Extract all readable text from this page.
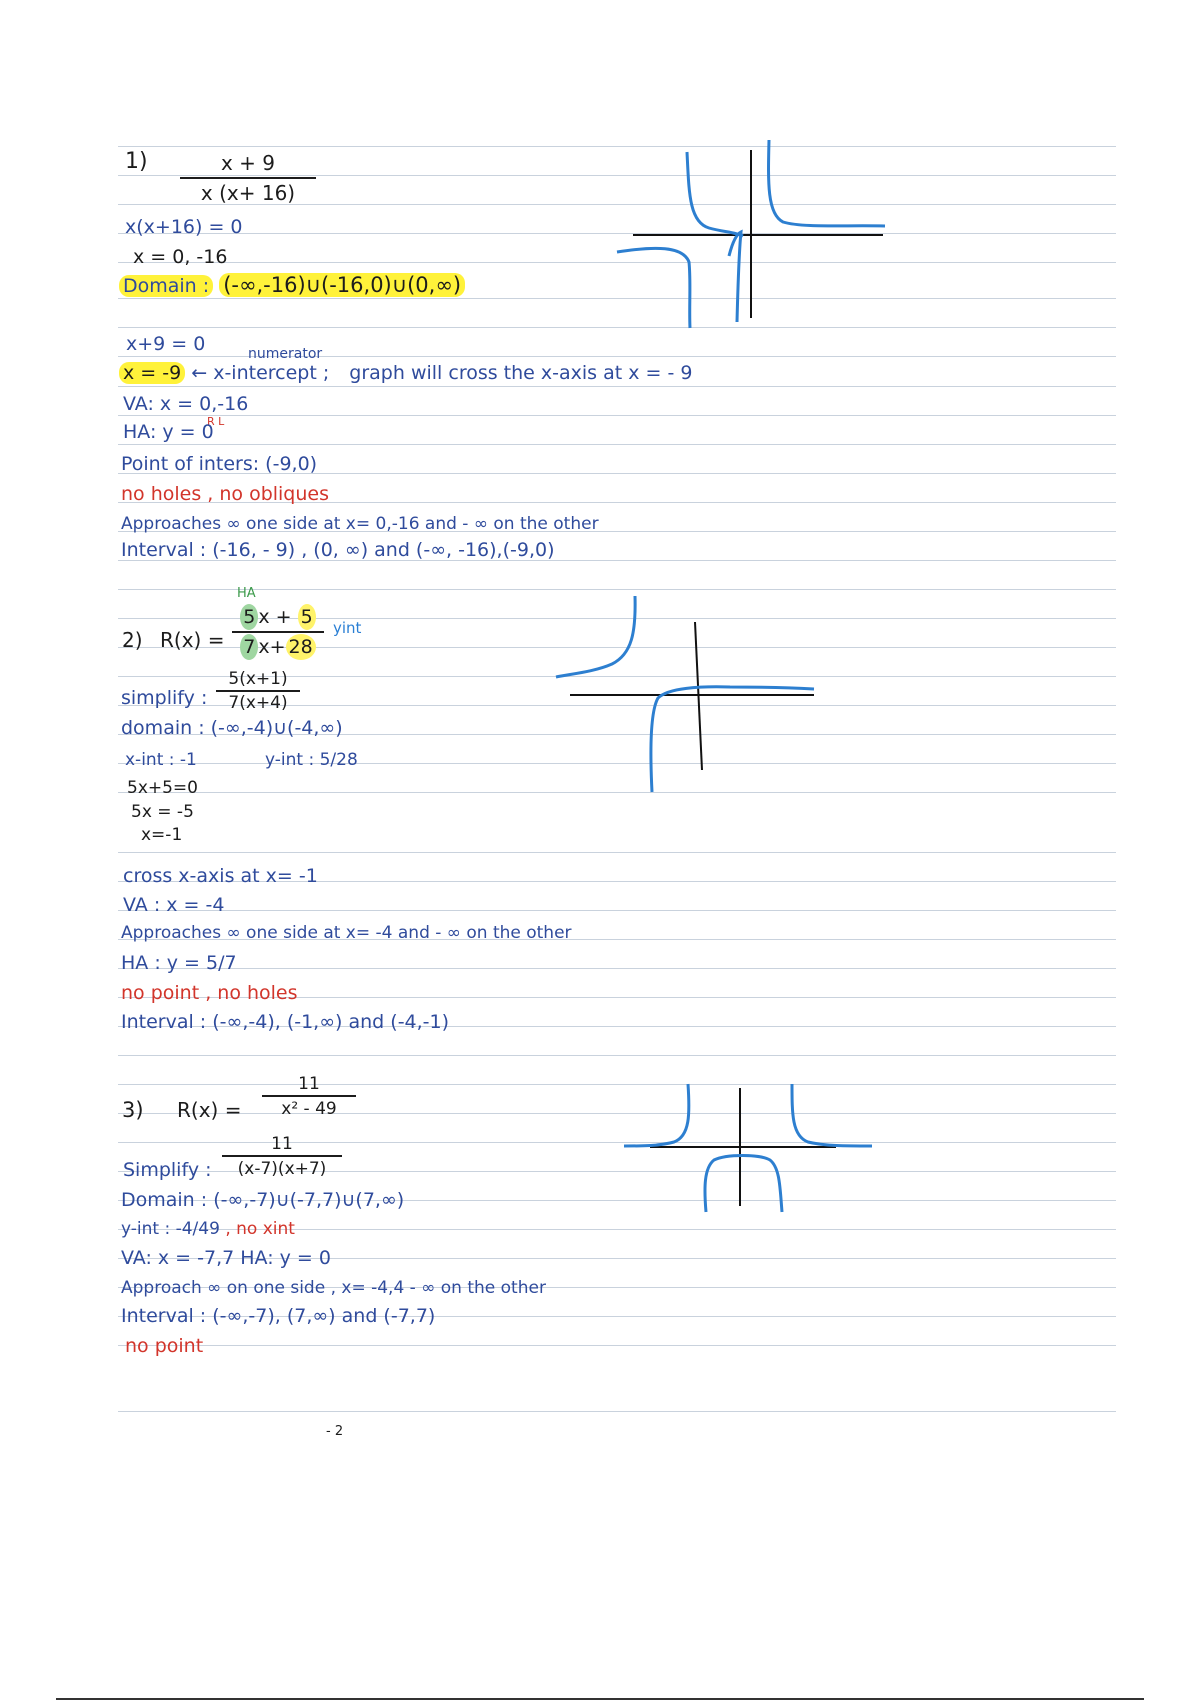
1)	x + 9
x (x+ 16)
x(x+16) = 0
x = 0, -16
Domain : (-∞,-16)∪(-16,0)∪(0,∞)
x+9 = 0	numerator
x = -9 ← x-intercept ; graph will cross the x-axis at x = - 9
VA: x = 0,-16
R L
HA: y = 0
Point of inters: (-9,0)
no holes , no obliques
Approaches ∞ one side at x= 0,-16 and - ∞ on the other
Interval : (-16, - 9) , (0, ∞) and (-∞, -16),(-9,0)
HA
2) R(x) =
5 x + 5
7 x+ 28
yint
simplify :
5(x+1)
7(x+4)
domain : (-∞,-4)∪(-4,∞)
x-int : -1	y-int : 5/28
5x+5=0
5x = -5
x=-1
cross x-axis at x= -1
VA : x = -4
Approaches ∞ one side at x= -4 and - ∞ on the other
HA : y = 5/7
no point , no holes
Interval : (-∞,-4), (-1,∞) and (-4,-1)
3) R(x) =
11
x² - 49
Simplify :
11
(x-7)(x+7)
Domain : (-∞,-7)∪(-7,7)∪(7,∞)
y-int : -4/49 , no xint
VA: x = -7,7 HA: y = 0
Approach ∞ on one side , x= -4,4 - ∞ on the other
Interval : (-∞,-7), (7,∞) and (-7,7)
no point
- 2
